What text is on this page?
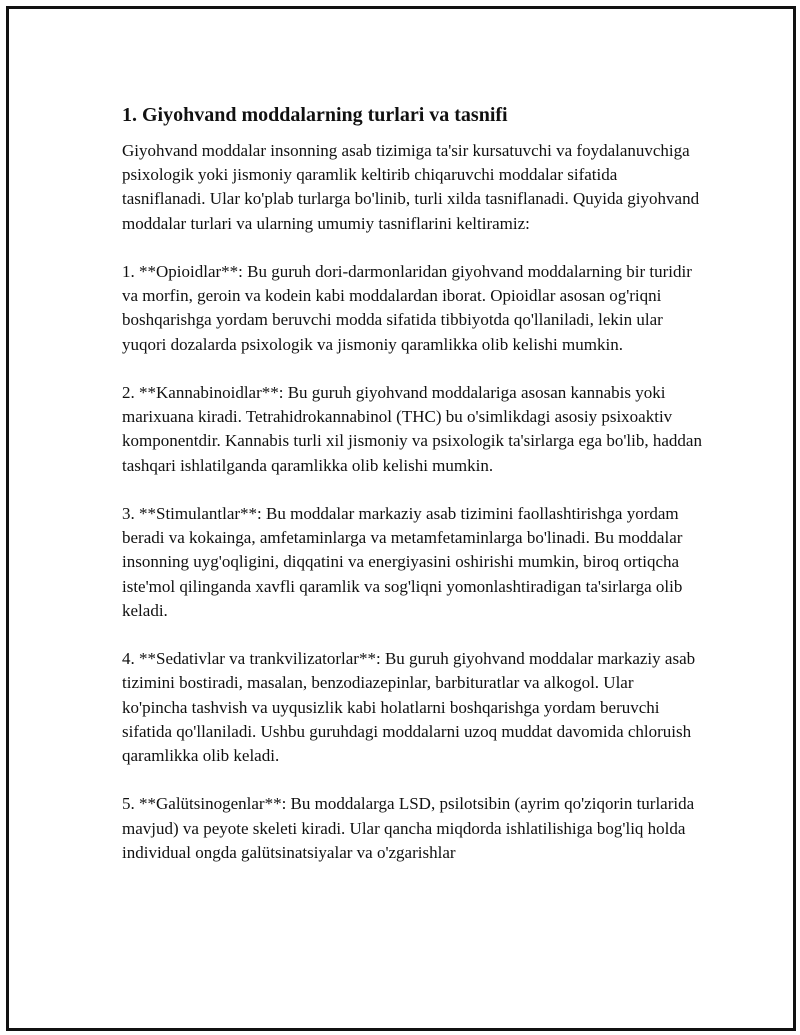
1. Giyohvand moddalarning turlari va tasnifi

Giyohvand moddalar insonning asab tizimiga ta'sir kursatuvchi va foydalanuvchiga psixologik yoki jismoniy qaramlik keltirib chiqaruvchi moddalar sifatida tasniflanadi. Ular ko'plab turlarga bo'linib, turli xilda tasniflanadi. Quyida giyohvand moddalar turlari va ularning umumiy tasniflarini keltiramiz:

1. **Opioidlar**: Bu guruh dori-darmonlaridan giyohvand moddalarning bir turidir va morfin, geroin va kodein kabi moddalardan iborat. Opioidlar asosan og'riqni boshqarishga yordam beruvchi modda sifatida tibbiyotda qo'llaniladi, lekin ular yuqori dozalarda psixologik va jismoniy qaramlikka olib kelishi mumkin.

2. **Kannabinoidlar**: Bu guruh giyohvand moddalariga asosan kannabis yoki marixuana kiradi. Tetrahidrokannabinol (THC) bu o'simlikdagi asosiy psixoaktiv komponentdir. Kannabis turli xil jismoniy va psixologik ta'sirlarga ega bo'lib, haddan tashqari ishlatilganda qaramlikka olib kelishi mumkin.

3. **Stimulantlar**: Bu moddalar markaziy asab tizimini faollashtirishga yordam beradi va kokainga, amfetaminlarga va metamfetaminlarga bo'linadi. Bu moddalar insonning uyg'oqligini, diqqatini va energiyasini oshirishi mumkin, biroq ortiqcha iste'mol qilinganda xavfli qaramlik va sog'liqni yomonlashtiradigan ta'sirlarga olib keladi.

4. **Sedativlar va trankvilizatorlar**: Bu guruh giyohvand moddalar markaziy asab tizimini bostiradi, masalan, benzodiazepinlar, barbituratlar va alkogol. Ular ko'pincha tashvish va uyqusizlik kabi holatlarni boshqarishga yordam beruvchi sifatida qo'llaniladi. Ushbu guruhdagi moddalarni uzoq muddat davomida chloruish qaramlikka olib keladi.

5. **Galütsinogenlar**: Bu moddalarga LSD, psilotsibin (ayrim qo'ziqorin turlarida mavjud) va peyote skeleti kiradi. Ular qancha miqdorda ishlatilishiga bog'liq holda individual ongda galütsinatsiyalar va o'zgarishlar
